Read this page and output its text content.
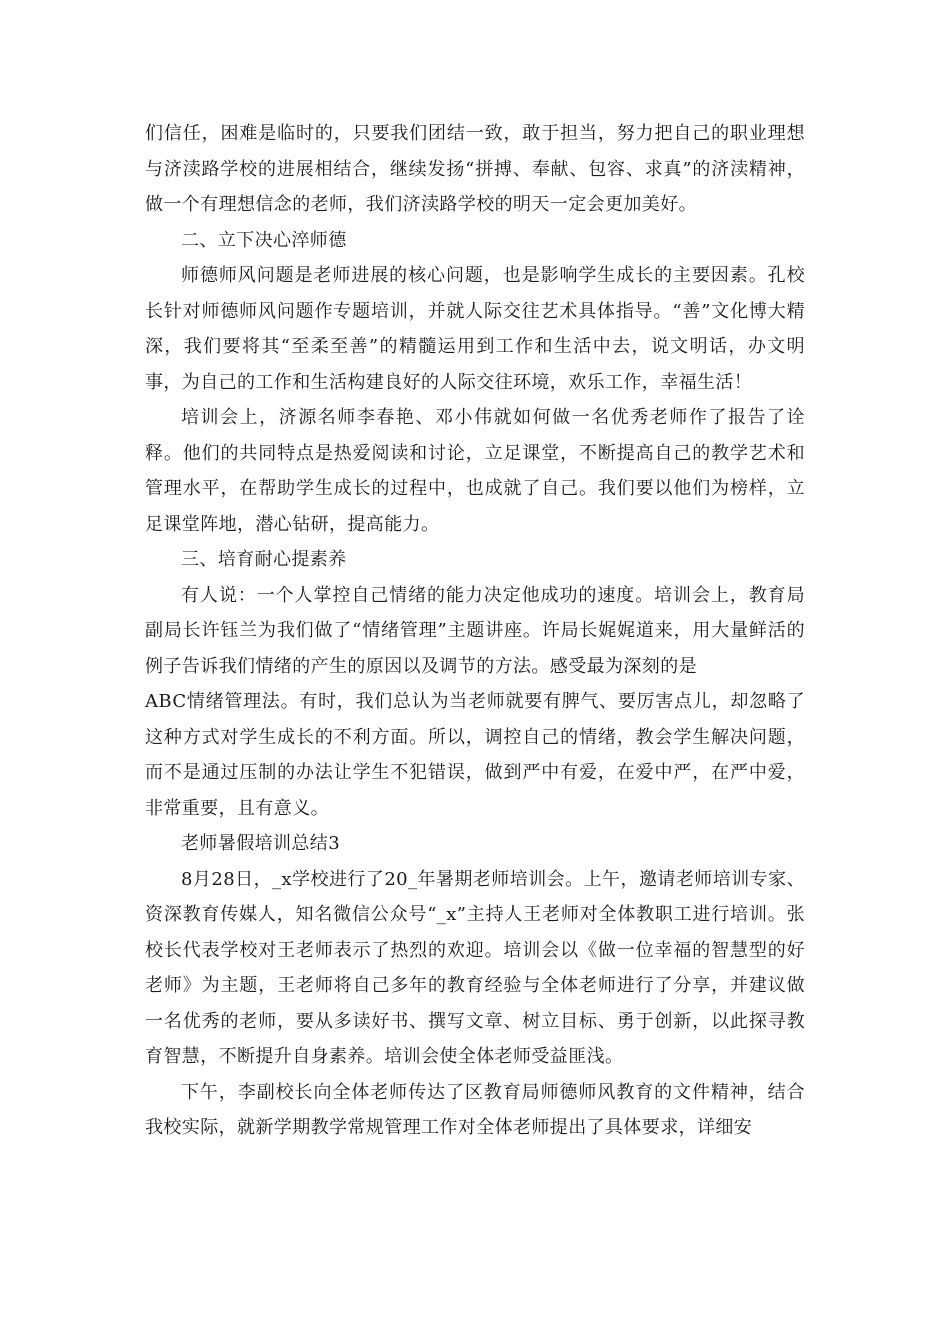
们信任，困难是临时的，只要我们团结一致，敢于担当，努力把自己的职业理想与济渎路学校的进展相结合，继续发扬“拼搏、奉献、包容、求真”的济渎精神，做一个有理想信念的老师，我们济渎路学校的明天一定会更加美好。

二、立下决心淬师德

师德师风问题是老师进展的核心问题，也是影响学生成长的主要因素。孔校长针对师德师风问题作专题培训，并就人际交往艺术具体指导。“善”文化博大精深，我们要将其“至柔至善”的精髓运用到工作和生活中去，说文明话，办文明事，为自己的工作和生活构建良好的人际交往环境，欢乐工作，幸福生活！

培训会上，济源名师李春艳、邓小伟就如何做一名优秀老师作了报告了诠释。他们的共同特点是热爱阅读和讨论，立足课堂，不断提高自己的教学艺术和管理水平，在帮助学生成长的过程中，也成就了自己。我们要以他们为榜样，立足课堂阵地，潜心钻研，提高能力。

三、培育耐心提素养

有人说：一个人掌控自己情绪的能力决定他成功的速度。培训会上，教育局副局长许钰兰为我们做了“情绪管理”主题讲座。许局长娓娓道来，用大量鲜活的例子告诉我们情绪的产生的原因以及调节的方法。感受最为深刻的是

ABC情绪管理法。有时，我们总认为当老师就要有脾气、要厉害点儿，却忽略了这种方式对学生成长的不利方面。所以，调控自己的情绪，教会学生解决问题，而不是通过压制的办法让学生不犯错误，做到严中有爱，在爱中严，在严中爱，非常重要，且有意义。

老师暑假培训总结3

8月28日，_x学校进行了20_年暑期老师培训会。上午，邀请老师培训专家、资深教育传媒人，知名微信公众号“_x”主持人王老师对全体教职工进行培训。张校长代表学校对王老师表示了热烈的欢迎。培训会以《做一位幸福的智慧型的好老师》为主题，王老师将自己多年的教育经验与全体老师进行了分享，并建议做一名优秀的老师，要从多读好书、撰写文章、树立目标、勇于创新，以此探寻教育智慧，不断提升自身素养。培训会使全体老师受益匪浅。

下午，李副校长向全体老师传达了区教育局师德师风教育的文件精神，结合我校实际，就新学期教学常规管理工作对全体老师提出了具体要求，详细安
